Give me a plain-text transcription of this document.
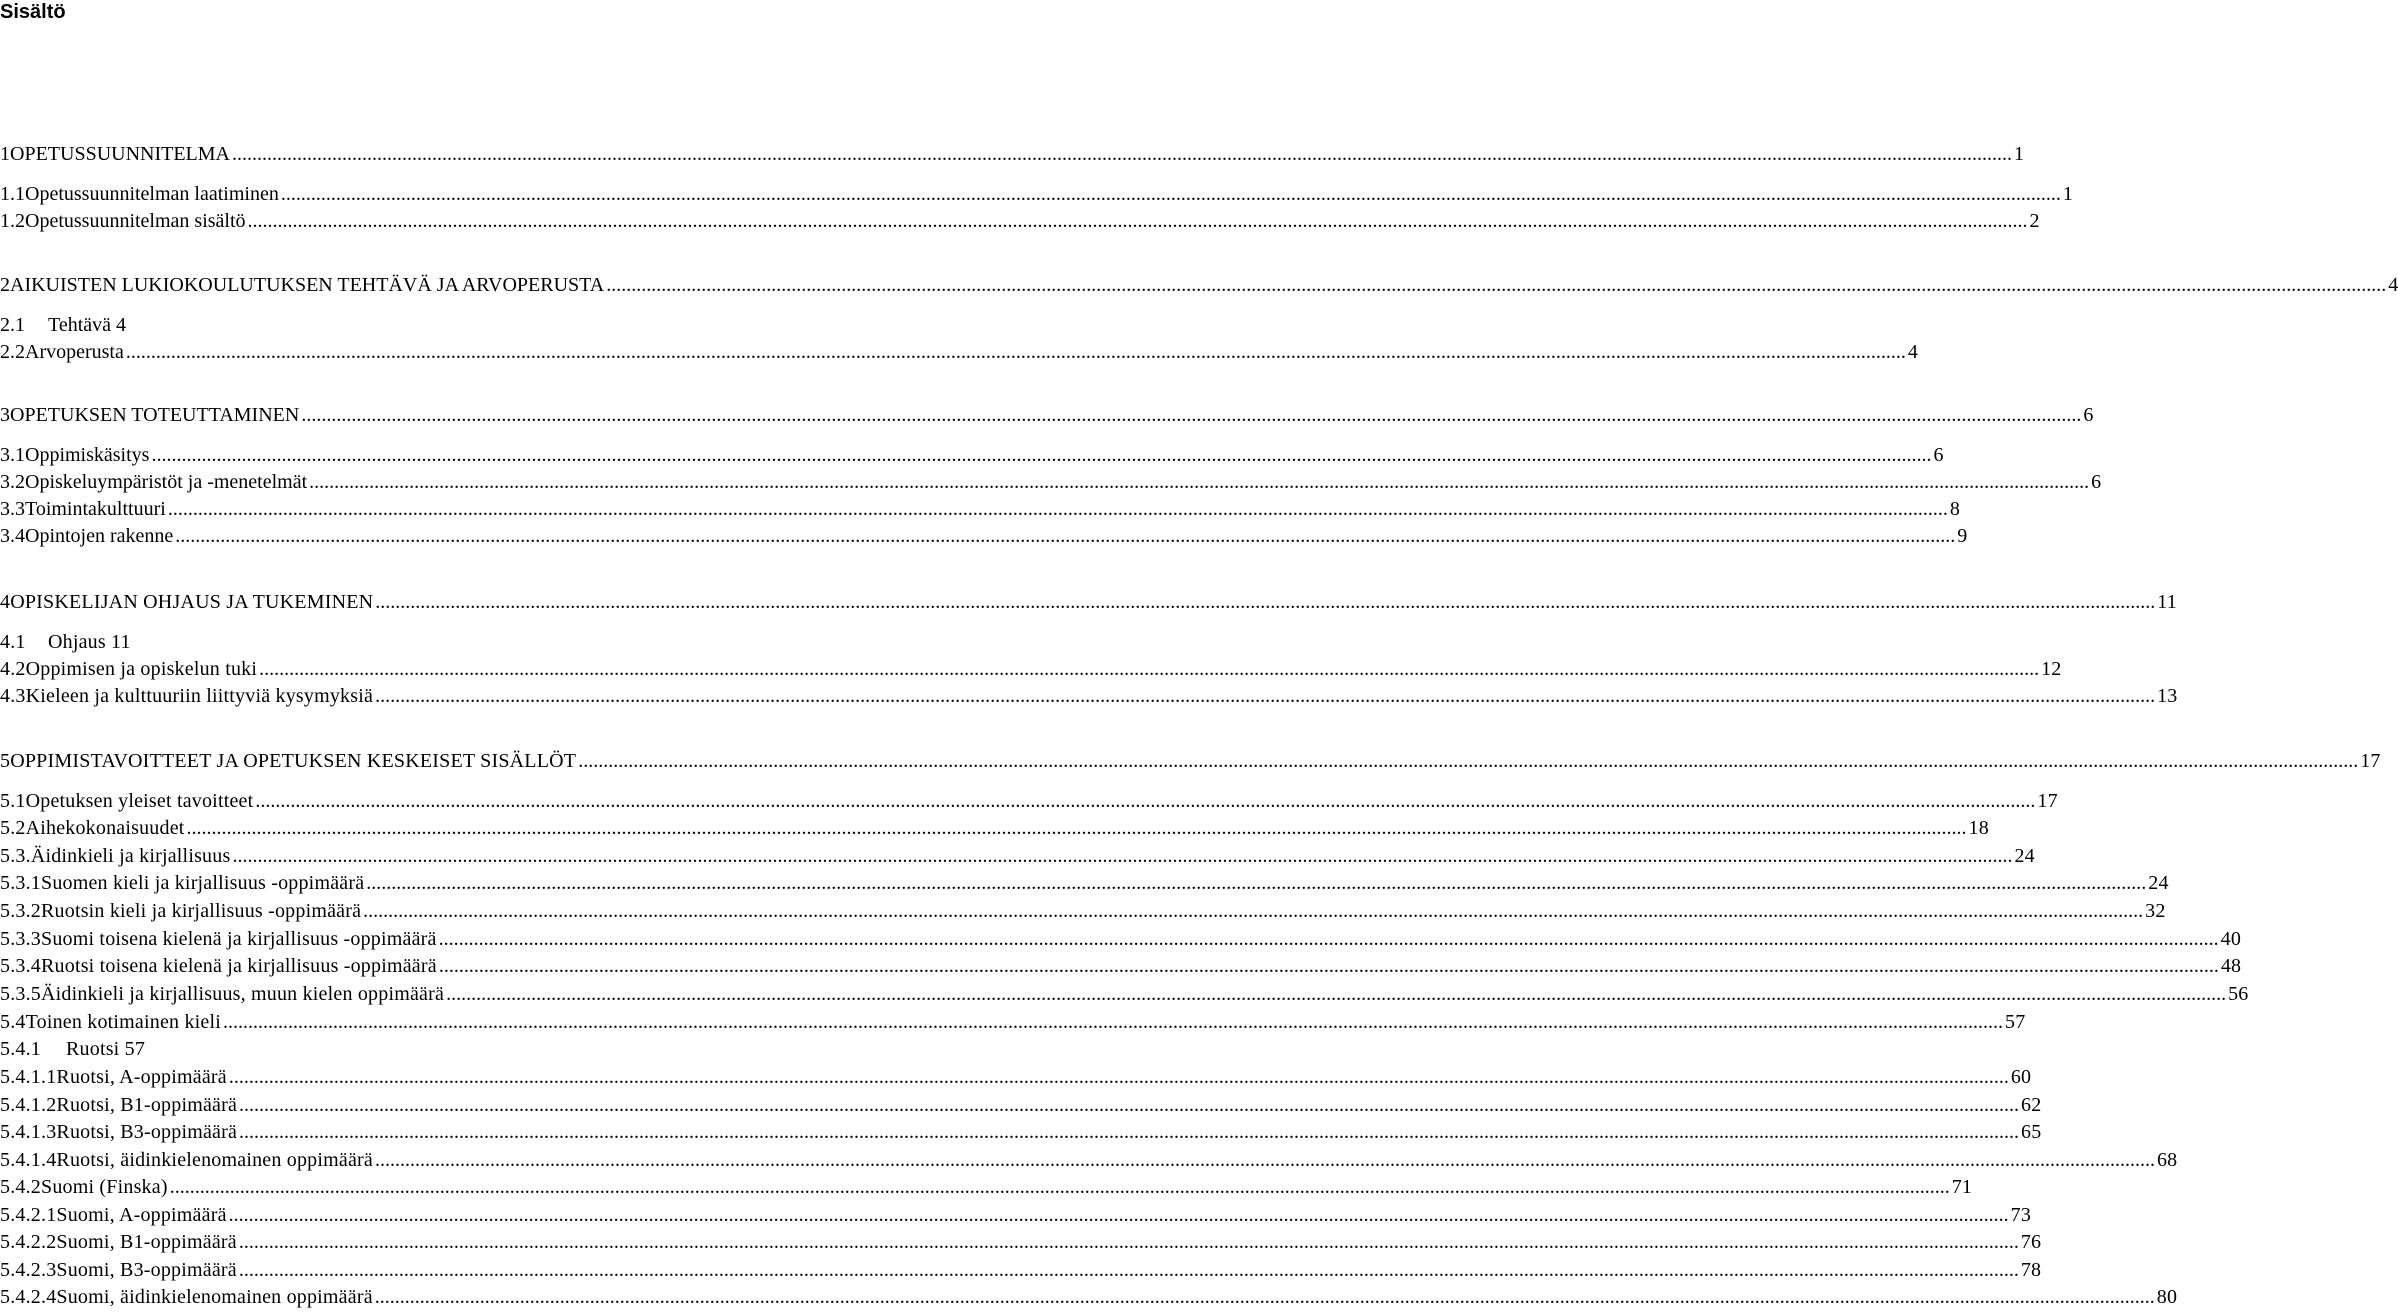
Sisältö
1 OPETUSSUUNNITELMA .....	1
1.1 Opetussuunnitelman laatiminen .....	1
1.2 Opetussuunnitelman sisältö .....	2
2 AIKUISTEN LUKIOKOULUTUKSEN TEHTÄVÄ JA ARVOPERUSTA .....	4
2.1	Tehtävä 4
2.2 Arvoperusta .....	4
3 OPETUKSEN TOTEUTTAMINEN .....	6
3.1 Oppimiskäsitys .....	6
3.2 Opiskeluympäristöt ja -menetelmät .....	6
3.3 Toimintakulttuuri .....	8
3.4 Opintojen rakenne .....	9
4 OPISKELIJAN OHJAUS JA TUKEMINEN .....	11
4.1	Ohjaus 11
4.2 Oppimisen ja opiskelun tuki .....	12
4.3 Kieleen ja kulttuuriin liittyviä kysymyksiä .....	13
5 OPPIMISTAVOITTEET JA OPETUKSEN KESKEISET SISÄLLÖT .....	17
5.1 Opetuksen yleiset tavoitteet .....	17
5.2 Aihekokonaisuudet .....	18
5.3. Äidinkieli ja kirjallisuus .....	24
5.3.1 Suomen kieli ja kirjallisuus -oppimäärä .....	24
5.3.2 Ruotsin kieli ja kirjallisuus -oppimäärä .....	32
5.3.3 Suomi toisena kielenä ja kirjallisuus -oppimäärä .....	40
5.3.4 Ruotsi toisena kielenä ja kirjallisuus -oppimäärä .....	48
5.3.5 Äidinkieli ja kirjallisuus, muun kielen oppimäärä .....	56
5.4 Toinen kotimainen kieli .....	57
5.4.1	Ruotsi 57
5.4.1.1 Ruotsi, A-oppimäärä .....	60
5.4.1.2 Ruotsi, B1-oppimäärä .....	62
5.4.1.3 Ruotsi, B3-oppimäärä .....	65
5.4.1.4 Ruotsi, äidinkielenomainen oppimäärä .....	68
5.4.2 Suomi (Finska) .....	71
5.4.2.1 Suomi, A-oppimäärä .....	73
5.4.2.2 Suomi, B1-oppimäärä .....	76
5.4.2.3 Suomi, B3-oppimäärä .....	78
5.4.2.4 Suomi, äidinkielenomainen oppimäärä .....	80
